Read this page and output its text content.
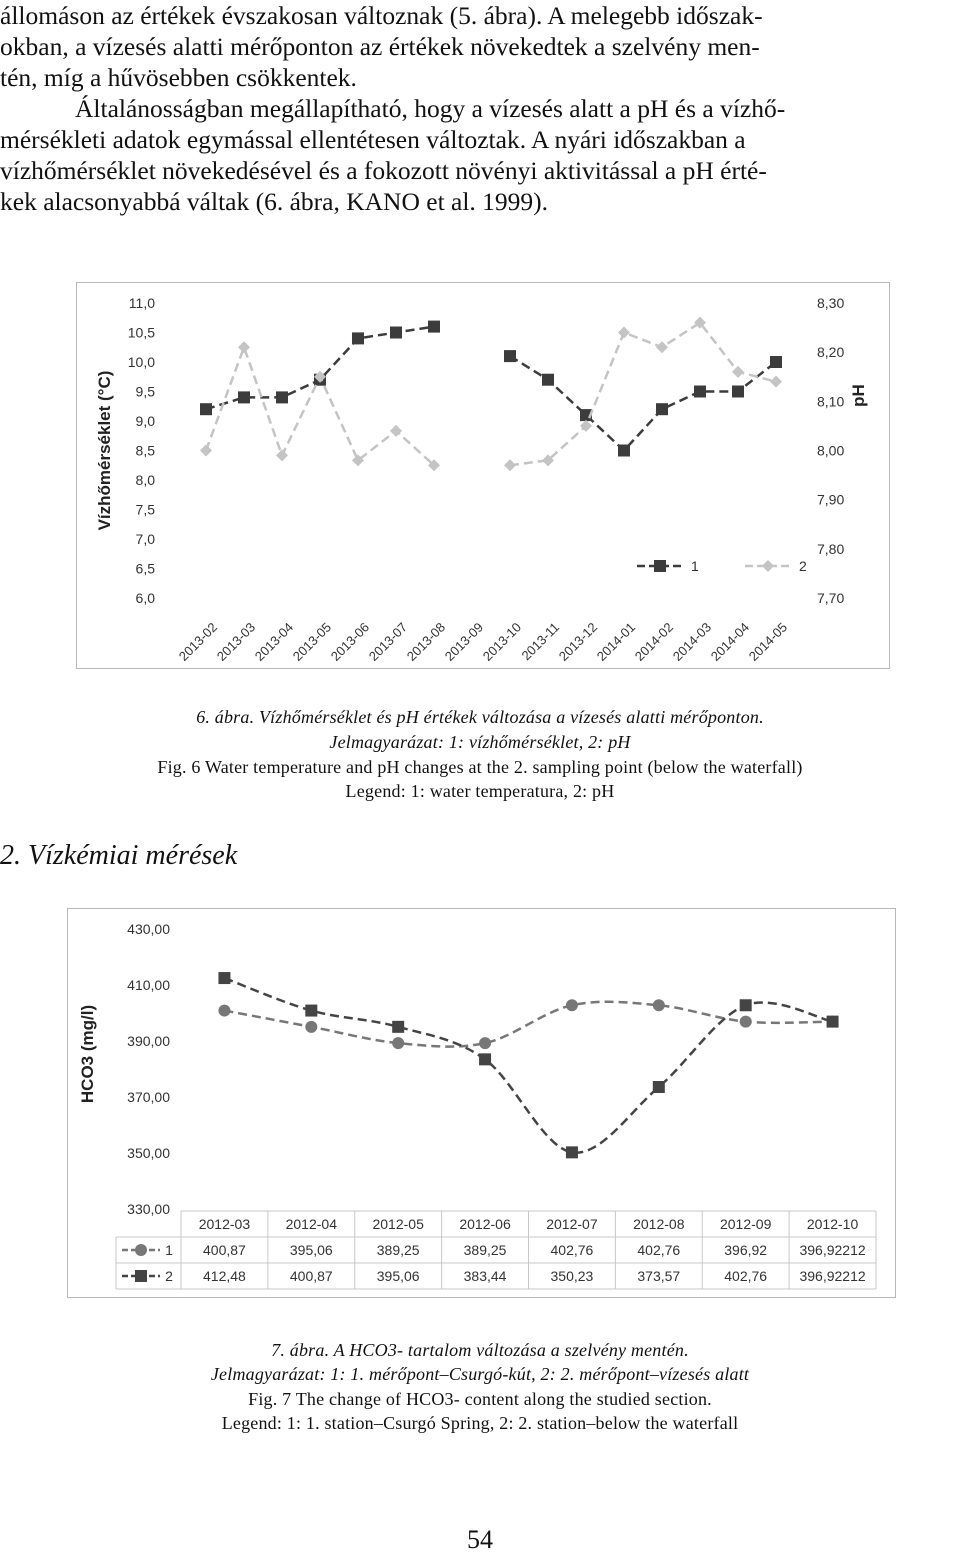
állomáson az értékek évszakosan változnak (5. ábra). A melegebb időszak-
okban, a vízesés alatti mérőponton az értékek növekedtek a szelvény men-
tén, míg a hűvösebben csökkentek.
Általánosságban megállapítható, hogy a vízesés alatt a pH és a vízhő-
mérsékleti adatok egymással ellentétesen változtak. A nyári időszakban a
vízhőmérséklet növekedésével és a fokozott növényi aktivitással a pH érté-
kek alacsonyabbá váltak (6. ábra, KANO et al. 1999).
6,0
6,5
7,0
7,5
8,0
8,5
9,0
9,5
10,0
10,5
11,0
7,70
7,80
7,90
8,00
8,10
8,20
8,30
Vízhőmérséklet (°C)	pH
2013-02
2013-03
2013-04
2013-05
2013-06
2013-07
2013-08
2013-09
2013-10
2013-11
2013-12
2014-01
2014-02
2014-03
2014-04
2014-05
1	2
6. ábra. Vízhőmérséklet és pH értékek változása a vízesés alatti mérőponton.
Jelmagyarázat: 1: vízhőmérséklet, 2: pH
Fig. 6 Water temperature and pH changes at the 2. sampling point (below the waterfall)
Legend: 1: water temperatura, 2: pH
2. Vízkémiai mérések
330,00
350,00
370,00
390,00
410,00
430,00
HCO3 (mg/l)
2012-03	2012-04	2012-05	2012-06	2012-07	2012-08	2012-09	2012-10
1 400,87	395,06	389,25	389,25	402,76	402,76	396,92 396,92212
2 412,48	400,87	395,06	383,44	350,23	373,57	402,76 396,92212
7. ábra. A HCO3- tartalom változása a szelvény mentén.
Jelmagyarázat: 1: 1. mérőpont–Csurgó-kút, 2: 2. mérőpont–vízesés alatt
Fig. 7 The change of HCO3- content along the studied section.
Legend: 1: 1. station–Csurgó Spring, 2: 2. station–below the waterfall
54
